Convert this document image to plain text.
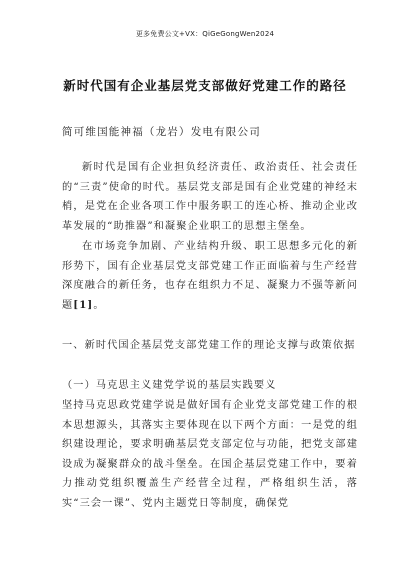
更多免费公文+VX：QiGeGongWen2024
新时代国有企业基层党支部做好党建工作的路径
简可维国能神福（龙岩）发电有限公司

新时代是国有企业担负经济责任、政治责任、社会责任的“三责”使命的时代。基层党支部是国有企业党建的神经末梢，是党在企业各项工作中服务职工的连心桥、推动企业改革发展的“助推器”和凝聚企业职工的思想主堡垒。

在市场竞争加剧、产业结构升级、职工思想多元化的新形势下，国有企业基层党支部党建工作正面临着与生产经营深度融合的新任务，也存在组织力不足、凝聚力不强等新问题[1]。

一、新时代国企基层党支部党建工作的理论支撑与政策依据

（一）马克思主义建党学说的基层实践要义

坚持马克思政党建学说是做好国有企业党支部党建工作的根本思想源头，其落实主要体现在以下两个方面：一是党的组织建设理论，要求明确基层党支部定位与功能，把党支部建设成为凝聚群众的战斗堡垒。在国企基层党建工作中，要着力推动党组织覆盖生产经营全过程，严格组织生活，落实“三会一课”、党内主题党日等制度，确保党
